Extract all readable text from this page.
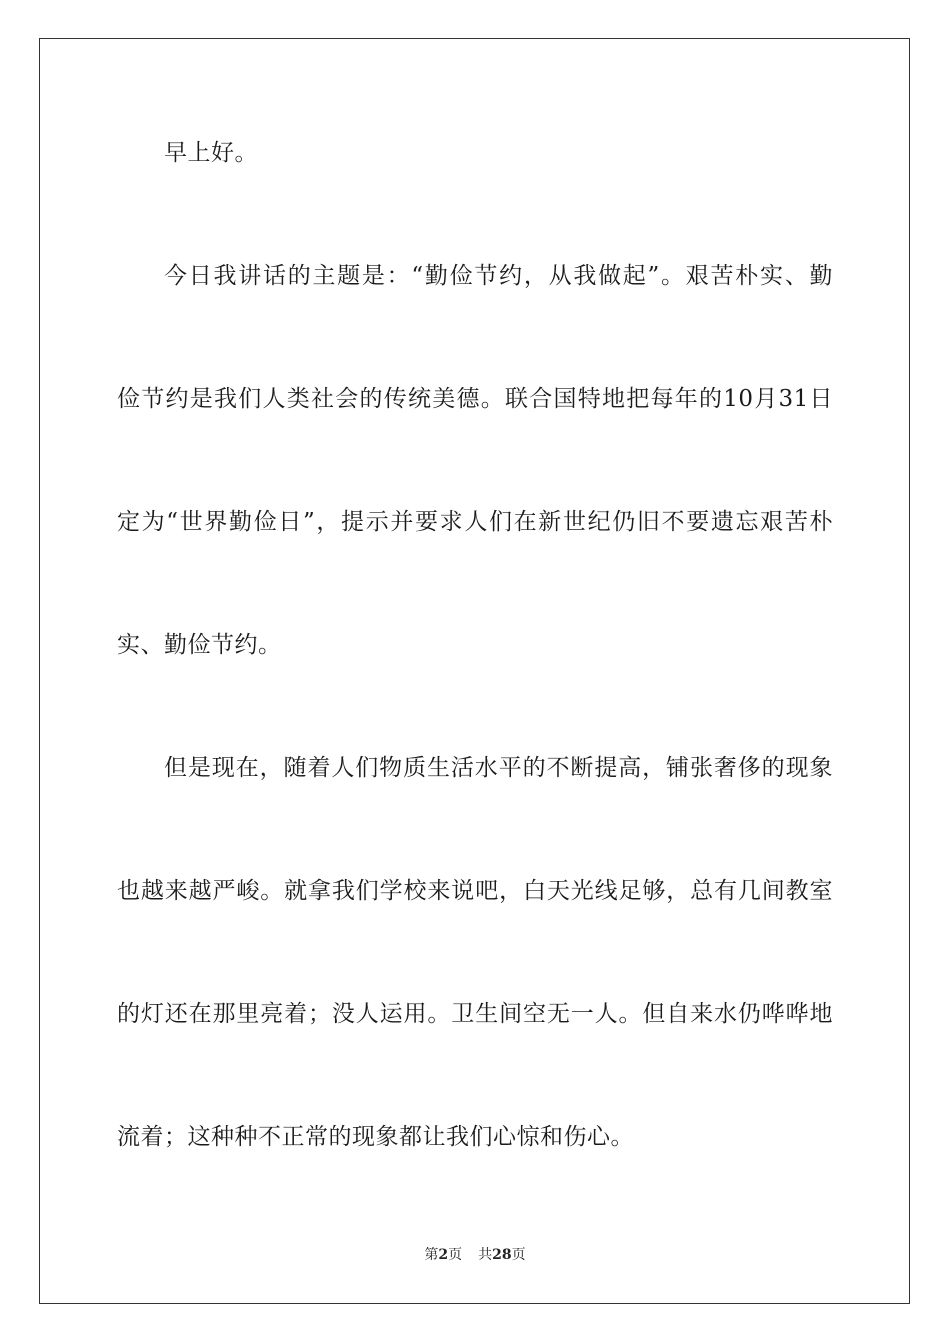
早上好。
今日我讲话的主题是：“勤俭节约，从我做起”。艰苦朴实、勤
俭节约是我们人类社会的传统美德。联合国特地把每年的10月31日
定为“世界勤俭日”，提示并要求人们在新世纪仍旧不要遗忘艰苦朴
实、勤俭节约。
但是现在，随着人们物质生活水平的不断提高，铺张奢侈的现象
也越来越严峻。就拿我们学校来说吧，白天光线足够，总有几间教室
的灯还在那里亮着；没人运用。卫生间空无一人。但自来水仍哗哗地
流着；这种种不正常的现象都让我们心惊和伤心。
第2页 共28页
